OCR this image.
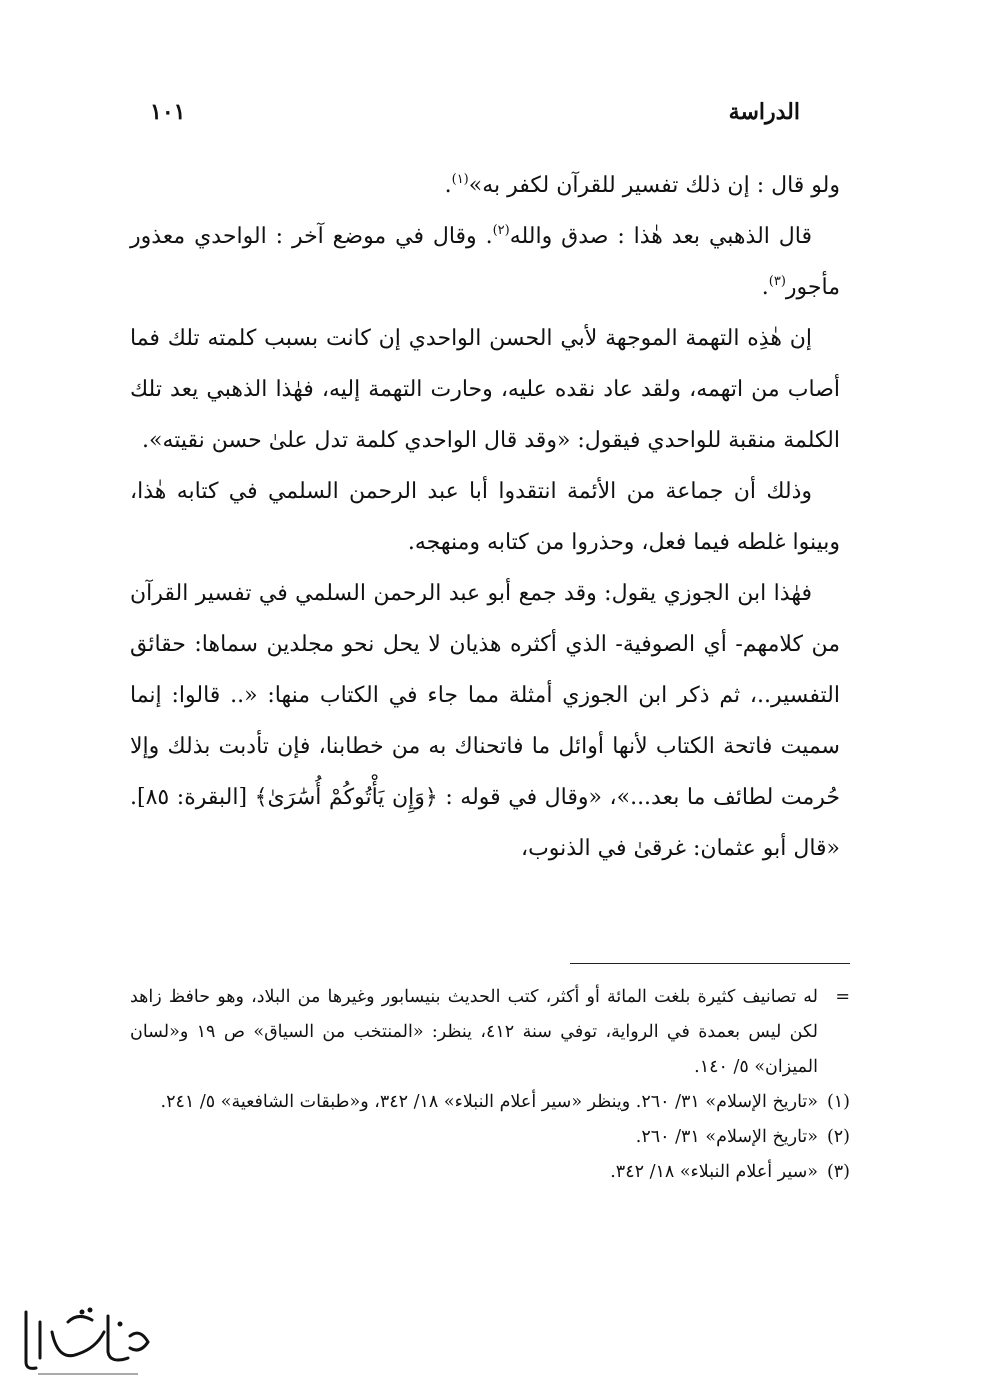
الدراسة
١٠١

ولو قال : إن ذلك تفسير للقرآن لكفر به»$^{(١)}$.

قال الذهبي بعد هٰذا : صدق والله$^{(٢)}$. وقال في موضع آخر : الواحدي معذور مأجور$^{(٣)}$.

إن هٰذِه التهمة الموجهة لأبي الحسن الواحدي إن كانت بسبب كلمته تلك فما أصاب من اتهمه، ولقد عاد نقده عليه، وحارت التهمة إليه، فهٰذا الذهبي يعد تلك الكلمة منقبة للواحدي فيقول: «وقد قال الواحدي كلمة تدل علىٰ حسن نقيته».

وذلك أن جماعة من الأئمة انتقدوا أبا عبد الرحمن السلمي في كتابه هٰذا، وبينوا غلطه فيما فعل، وحذروا من كتابه ومنهجه.

فهٰذا ابن الجوزي يقول: وقد جمع أبو عبد الرحمن السلمي في تفسير القرآن من كلامهم- أي الصوفية- الذي أكثره هذيان لا يحل نحو مجلدين سماها: حقائق التفسير..، ثم ذكر ابن الجوزي أمثلة مما جاء في الكتاب منها: «.. قالوا: إنما سميت فاتحة الكتاب لأنها أوائل ما فاتحناك به من خطابنا، فإن تأدبت بذلك وإلا حُرمت لطائف ما بعد...»، «وقال في قوله : ﴿وَإِن يَأْتُوكُمْ أُسَٰرَىٰ﴾ [البقرة: ٨٥]. «قال أبو عثمان: غرقىٰ في الذنوب،

=
له تصانيف كثيرة بلغت المائة أو أكثر، كتب الحديث بنيسابور وغيرها من البلاد، وهو حافظ زاهد لكن ليس بعمدة في الرواية، توفي سنة ٤١٢، ينظر: «المنتخب من السياق» ص ١٩ و«لسان الميزان» ٥/ ١٤٠.
(١)
«تاريخ الإسلام» ٣١/ ٢٦٠. وينظر «سير أعلام النبلاء» ١٨/ ٣٤٢، و«طبقات الشافعية» ٥/ ٢٤١.
(٢)
«تاريخ الإسلام» ٣١/ ٢٦٠.
(٣)
«سير أعلام النبلاء» ١٨/ ٣٤٢.
